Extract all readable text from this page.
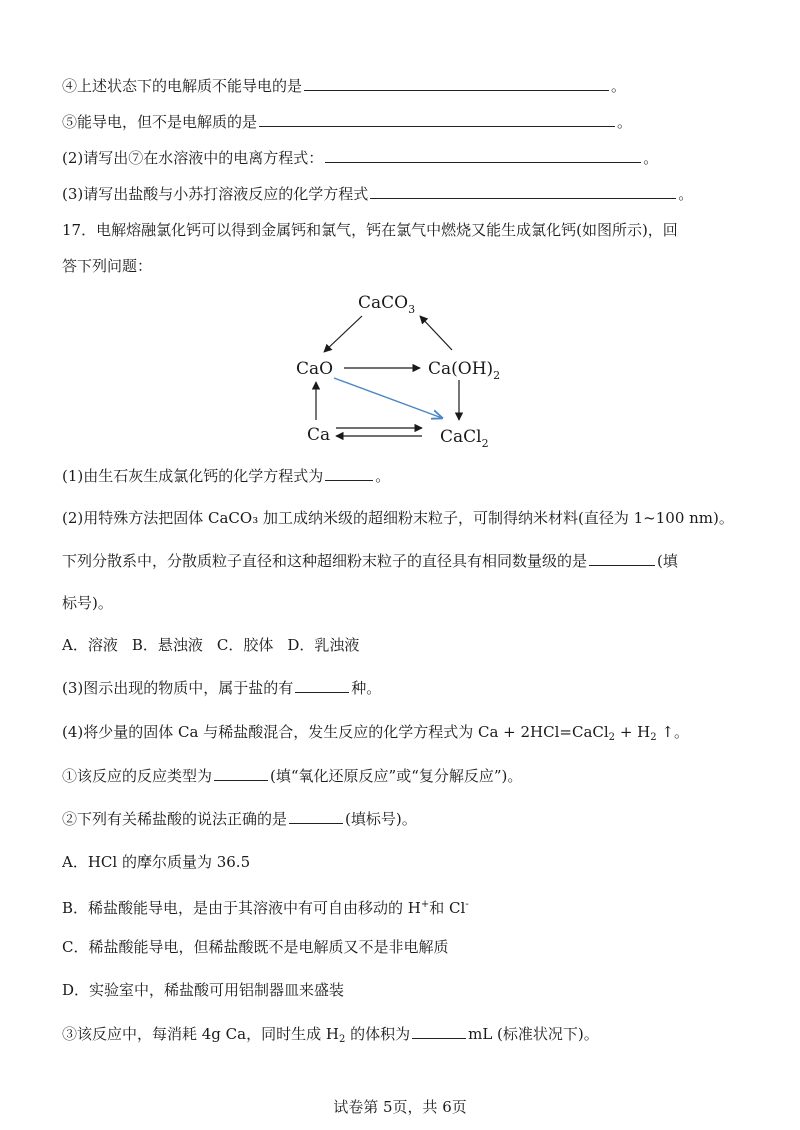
④上述状态下的电解质不能导电的是	。
⑤能导电，但不是电解质的是	。
(2)请写出⑦在水溶液中的电离方程式：	。
(3)请写出盐酸与小苏打溶液反应的化学方程式	。
17．电解熔融氯化钙可以得到金属钙和氯气，钙在氯气中燃烧又能生成氯化钙(如图所示)，回
答下列问题：
CaCO$_3$
CaO	$Ca(OH)_2$
Ca	CaCl$_2$
(1)由生石灰生成氯化钙的化学方程式为	。
(2)用特殊方法把固体 CaCO₃ 加工成纳米级的超细粉末粒子，可制得纳米材料(直径为 1~100 nm)。
下列分散系中，分散质粒子直径和这种超细粉末粒子的直径具有相同数量级的是	(填
标号)。
A．溶液 B．悬浊液 C．胶体 D．乳浊液
(3)图示出现的物质中，属于盐的有	种。
(4)将少量的固体 Ca 与稀盐酸混合，发生反应的化学方程式为 Ca + 2HCl=CaCl$_2$ + $H_2$ ↑。
①该反应的反应类型为	(填“氧化还原反应”或“复分解反应”)。
②下列有关稀盐酸的说法正确的是	(填标号)。
A．HCl 的摩尔质量为 36.5
B．稀盐酸能导电，是由于其溶液中有可自由移动的 H+和 Cl-
C．稀盐酸能导电，但稀盐酸既不是电解质又不是非电解质
D．实验室中，稀盐酸可用铝制器皿来盛装
③该反应中，每消耗 4g Ca，同时生成 $H_2$ 的体积为	mL (标准状况下)。
试卷第 5页，共 6页
